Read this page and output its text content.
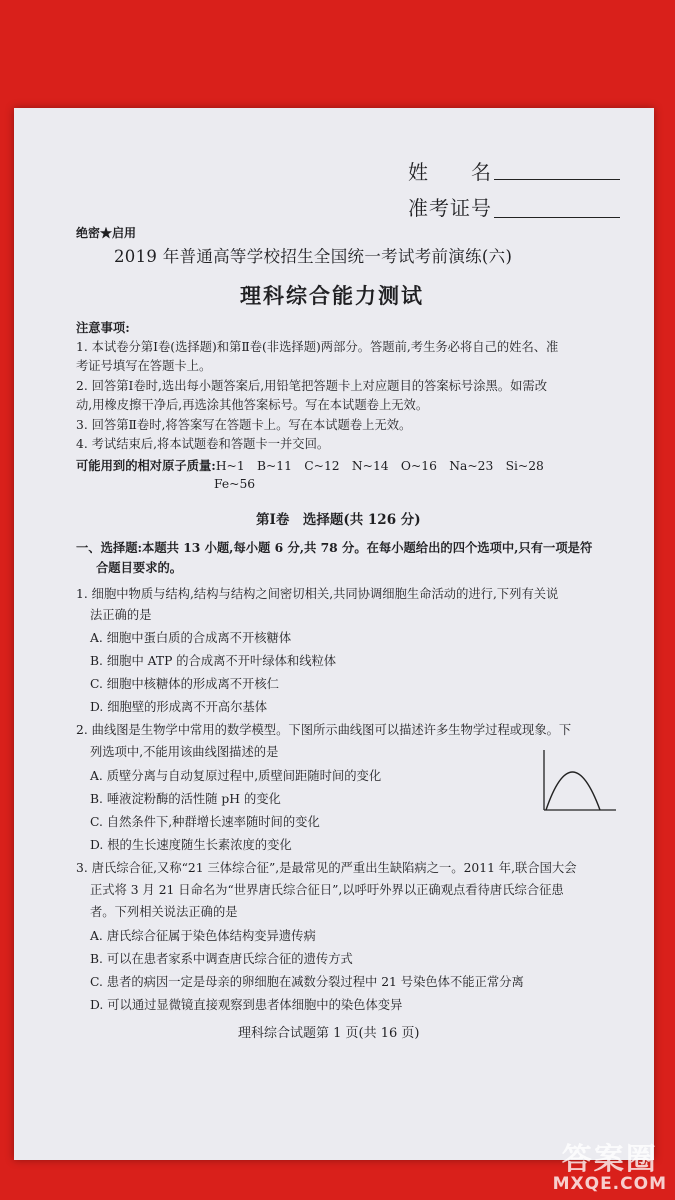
姓　　名
准考证号
绝密★启用
2019 年普通高等学校招生全国统一考试考前演练(六)
理科综合能力测试
注意事项:
1. 本试卷分第Ⅰ卷(选择题)和第Ⅱ卷(非选择题)两部分。答题前,考生务必将自己的姓名、准
考证号填写在答题卡上。
2. 回答第Ⅰ卷时,选出每小题答案后,用铅笔把答题卡上对应题目的答案标号涂黑。如需改
动,用橡皮擦干净后,再选涂其他答案标号。写在本试题卷上无效。
3. 回答第Ⅱ卷时,将答案写在答题卡上。写在本试题卷上无效。
4. 考试结束后,将本试题卷和答题卡一并交回。
可能用到的相对原子质量:H~1　B~11　C~12　N~14　O~16　Na~23　Si~28
Fe~56
第Ⅰ卷　选择题(共 126 分)
一、选择题:本题共 13 小题,每小题 6 分,共 78 分。在每小题给出的四个选项中,只有一项是符
合题目要求的。
1. 细胞中物质与结构,结构与结构之间密切相关,共同协调细胞生命活动的进行,下列有关说
法正确的是
A. 细胞中蛋白质的合成离不开核糖体
B. 细胞中 ATP 的合成离不开叶绿体和线粒体
C. 细胞中核糖体的形成离不开核仁
D. 细胞壁的形成离不开高尔基体
2. 曲线图是生物学中常用的数学模型。下图所示曲线图可以描述许多生物学过程或现象。下
列选项中,不能用该曲线图描述的是
A. 质壁分离与自动复原过程中,质壁间距随时间的变化
B. 唾液淀粉酶的活性随 pH 的变化
C. 自然条件下,种群增长速率随时间的变化
D. 根的生长速度随生长素浓度的变化
3. 唐氏综合征,又称“21 三体综合征”,是最常见的严重出生缺陷病之一。2011 年,联合国大会
正式将 3 月 21 日命名为“世界唐氏综合征日”,以呼吁外界以正确观点看待唐氏综合征患
者。下列相关说法正确的是
A. 唐氏综合征属于染色体结构变异遗传病
B. 可以在患者家系中调查唐氏综合征的遗传方式
C. 患者的病因一定是母亲的卵细胞在减数分裂过程中 21 号染色体不能正常分离
D. 可以通过显微镜直接观察到患者体细胞中的染色体变异
理科综合试题第 1 页(共 16 页)
答案圈
MXQE.COM
